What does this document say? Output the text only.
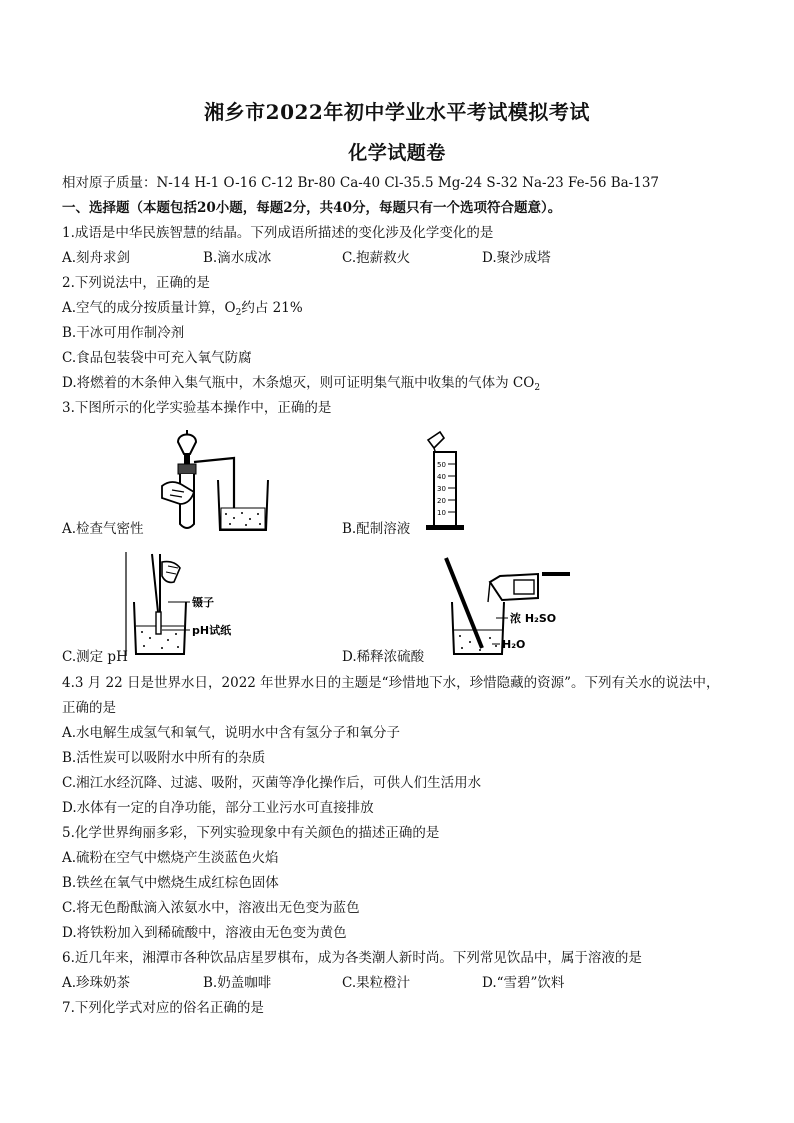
湘乡市2022年初中学业水平考试模拟考试
化学试题卷
相对原子质量：N-14 H-1 O-16 C-12 Br-80 Ca-40 Cl-35.5 Mg-24 S-32 Na-23 Fe-56 Ba-137
一、选择题（本题包括20小题，每题2分，共40分，每题只有一个选项符合题意）。
1.成语是中华民族智慧的结晶。下列成语所描述的变化涉及化学变化的是
A.刻舟求剑	B.滴水成冰	C.抱薪救火	D.聚沙成塔
2.下列说法中，正确的是
A.空气的成分按质量计算，$O_2$约占 21%
B.干冰可用作制冷剂
C.食品包装袋中可充入氧气防腐
D.将燃着的木条伸入集气瓶中，木条熄灭，则可证明集气瓶中收集的气体为 $CO_2$
3.下图所示的化学实验基本操作中，正确的是
A.检查气密性
50
40
30
20
10
B.配制溶液
镊子
pH试纸
C.测定 pH
浓 H₂SO
H₂O
D.稀释浓硫酸
4.3 月 22 日是世界水日，2022 年世界水日的主题是“珍惜地下水，珍惜隐藏的资源”。下列有关水的说法中，
正确的是
A.水电解生成氢气和氧气，说明水中含有氢分子和氧分子
B.活性炭可以吸附水中所有的杂质
C.湘江水经沉降、过滤、吸附，灭菌等净化操作后，可供人们生活用水
D.水体有一定的自净功能，部分工业污水可直接排放
5.化学世界绚丽多彩，下列实验现象中有关颜色的描述正确的是
A.硫粉在空气中燃烧产生淡蓝色火焰
B.铁丝在氧气中燃烧生成红棕色固体
C.将无色酚酞滴入浓氨水中，溶液出无色变为蓝色
D.将铁粉加入到稀硫酸中，溶液由无色变为黄色
6.近几年来，湘潭市各种饮品店星罗棋布，成为各类潮人新时尚。下列常见饮品中，属于溶液的是
A.珍珠奶茶	B.奶盖咖啡	C.果粒橙汁	D.“雪碧”饮料
7.下列化学式对应的俗名正确的是
